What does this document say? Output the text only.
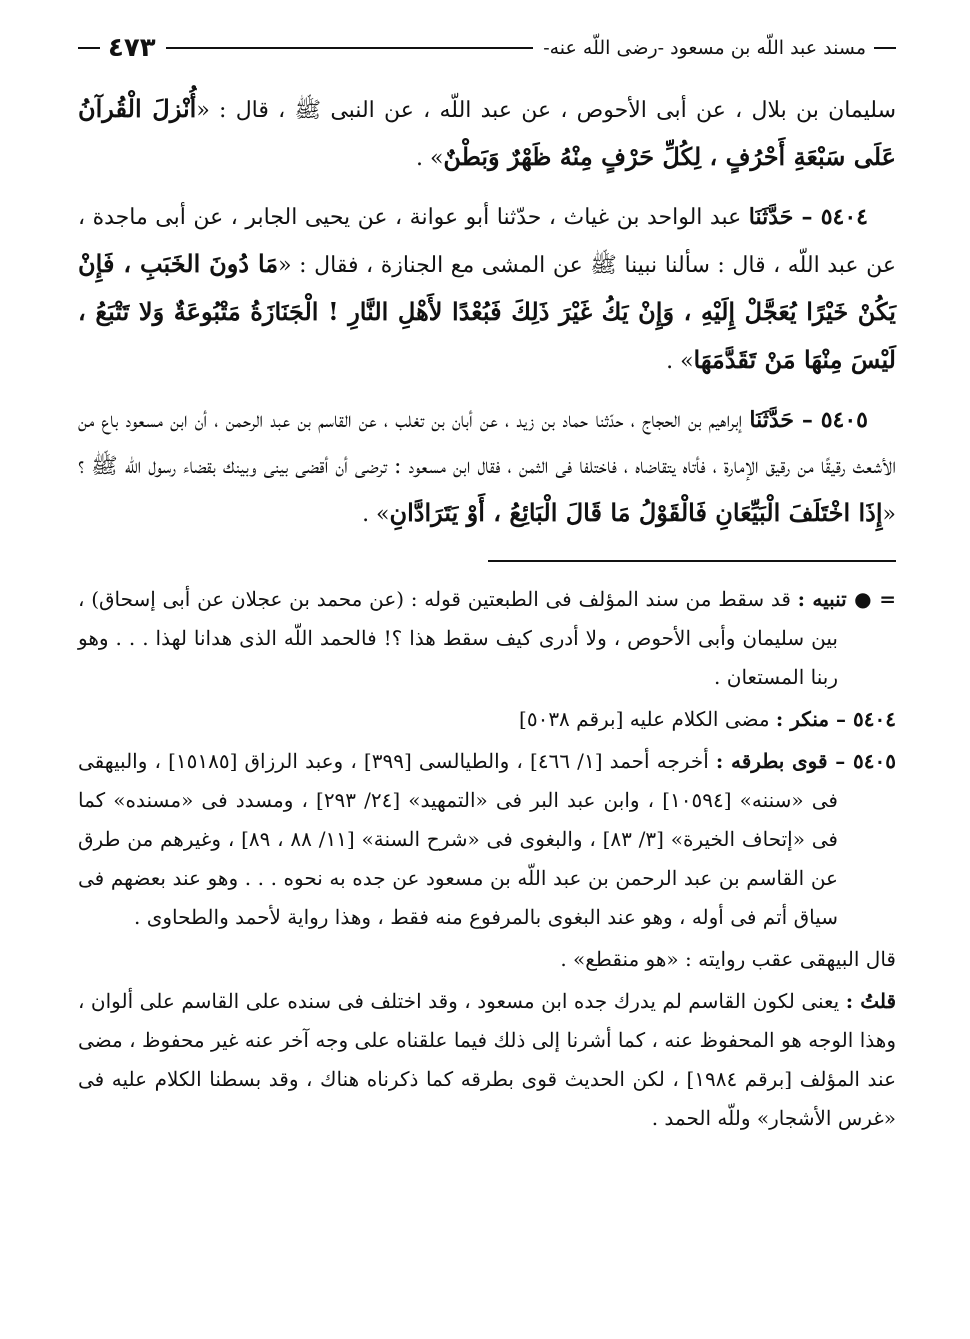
مسند عبد اللّه بن مسعود -رضى اللّه عنه-
٤٧٣

سليمان بن بلال ، عن أبى الأحوص ، عن عبد اللّه ، عن النبى ﷺ ، قال : «أُنْزلَ الْقُرآنُ عَلَى سَبْعَةِ أَحْرُفٍ ، لِكُلِّ حَرْفٍ مِنْهُ ظَهْرٌ وَبَطْنٌ» .

٥٤٠٤ – حَدَّثَنَا عبد الواحد بن غياث ، حدّثنا أبو عوانة ، عن يحيى الجابر ، عن أبى ماجدة ، عن عبد اللّه ، قال : سألنا نبينا ﷺ عن المشى مع الجنازة ، فقال : «مَا دُونَ الخَبَبِ ، فَإِنْ يَكُنْ خَيْرًا يُعَجَّلْ إِلَيْهِ ، وَإِنْ يَكُ غَيْرَ ذَلِكَ فَبُعْدًا لأَهْلِ النَّارِ ! الْجَنَازَةُ مَتْبُوعَةٌ وَلا تَتْبَعُ ، لَيْسَ مِنْهَا مَنْ تَقَدَّمَهَا» .

٥٤٠٥ – حَدَّثَنَا إبراهيم بن الحجاج ، حدّثنا حماد بن زيد ، عن أبان بن تغلب ، عن القاسم بن عبد الرحمن ، أن ابن مسعود باع من الأشعث رقيقًا من رقيق الإمارة ، فأتاه يتقاضاه ، فاختلفا فى الثمن ، فقال ابن مسعود : ترضى أن أقضى بينى وبينك بقضاء رسول اللّه ﷺ ؟ «إِذَا اخْتَلَفَ الْبَيِّعَانِ فَالْقَوْلُ مَا قَالَ الْبَائِعُ ، أَوْ يَتَرَادَّانِ» .

= ● تنبيه : قد سقط من سند المؤلف فى الطبعتين قوله : (عن محمد بن عجلان عن أبى إسحاق) ، بين سليمان وأبى الأحوص ، ولا أدرى كيف سقط هذا ؟! فالحمد اللّه الذى هدانا لهذا . . . وهو ربنا المستعان .

٥٤٠٤ – منكر : مضى الكلام عليه [برقم ٥٠٣٨]

٥٤٠٥ – قوى بطرقه : أخرجه أحمد [١/ ٤٦٦] ، والطيالسى [٣٩٩] ، وعبد الرزاق [١٥١٨٥] ، والبيهقى فى «سننه» [١٠٥٩٤] ، وابن عبد البر فى «التمهيد» [٢٤/ ٢٩٣] ، ومسدد فى «مسنده» كما فى «إتحاف الخيرة» [٣/ ٨٣] ، والبغوى فى «شرح السنة» [١١/ ٨٨ ، ٨٩] ، وغيرهم من طرق عن القاسم بن عبد الرحمن بن عبد اللّه بن مسعود عن جده به نحوه . . . وهو عند بعضهم فى سياق أتم فى أوله ، وهو عند البغوى بالمرفوع منه فقط ، وهذا رواية لأحمد والطحاوى .

قال البيهقى عقب روايته : «هو منقطع» .

قلتُ : يعنى لكون القاسم لم يدرك جده ابن مسعود ، وقد اختلف فى سنده على القاسم على ألوان ، وهذا الوجه هو المحفوظ عنه ، كما أشرنا إلى ذلك فيما علقناه على وجه آخر عنه غير محفوظ ، مضى عند المؤلف [برقم ١٩٨٤] ، لكن الحديث قوى بطرقه كما ذكرناه هناك ، وقد بسطنا الكلام عليه فى «غرس الأشجار» وللّه الحمد .
